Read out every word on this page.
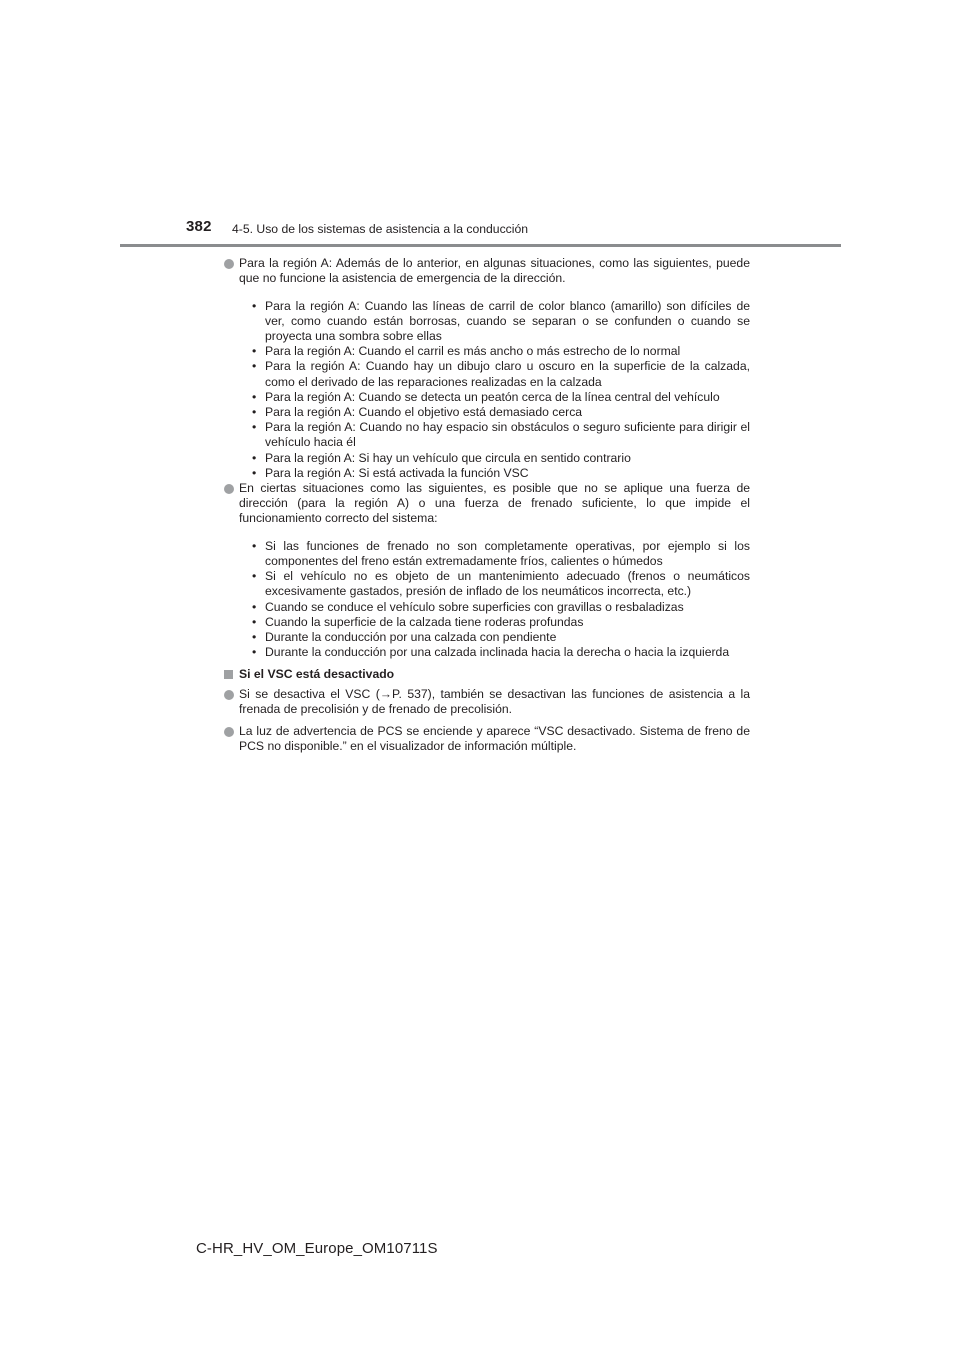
382 4-5. Uso de los sistemas de asistencia a la conducción
Para la región A: Además de lo anterior, en algunas situaciones, como las siguientes, puede que no funcione la asistencia de emergencia de la dirección.
• Para la región A: Cuando las líneas de carril de color blanco (amarillo) son difíciles de ver, como cuando están borrosas, cuando se separan o se confunden o cuando se proyecta una sombra sobre ellas
• Para la región A: Cuando el carril es más ancho o más estrecho de lo normal
• Para la región A: Cuando hay un dibujo claro u oscuro en la superficie de la calzada, como el derivado de las reparaciones realizadas en la calzada
• Para la región A: Cuando se detecta un peatón cerca de la línea central del vehículo
• Para la región A: Cuando el objetivo está demasiado cerca
• Para la región A: Cuando no hay espacio sin obstáculos o seguro suficiente para dirigir el vehículo hacia él
• Para la región A: Si hay un vehículo que circula en sentido contrario
• Para la región A: Si está activada la función VSC
En ciertas situaciones como las siguientes, es posible que no se aplique una fuerza de dirección (para la región A) o una fuerza de frenado suficiente, lo que impide el funcionamiento correcto del sistema:
• Si las funciones de frenado no son completamente operativas, por ejemplo si los componentes del freno están extremadamente fríos, calientes o húmedos
• Si el vehículo no es objeto de un mantenimiento adecuado (frenos o neumáticos excesivamente gastados, presión de inflado de los neumáticos incorrecta, etc.)
• Cuando se conduce el vehículo sobre superficies con gravillas o resbaladizas
• Cuando la superficie de la calzada tiene roderas profundas
• Durante la conducción por una calzada con pendiente
• Durante la conducción por una calzada inclinada hacia la derecha o hacia la izquierda
Si el VSC está desactivado
Si se desactiva el VSC (→P. 537), también se desactivan las funciones de asistencia a la frenada de precolisión y de frenado de precolisión.
La luz de advertencia de PCS se enciende y aparece “VSC desactivado. Sistema de freno de PCS no disponible.” en el visualizador de información múltiple.
C-HR_HV_OM_Europe_OM10711S
